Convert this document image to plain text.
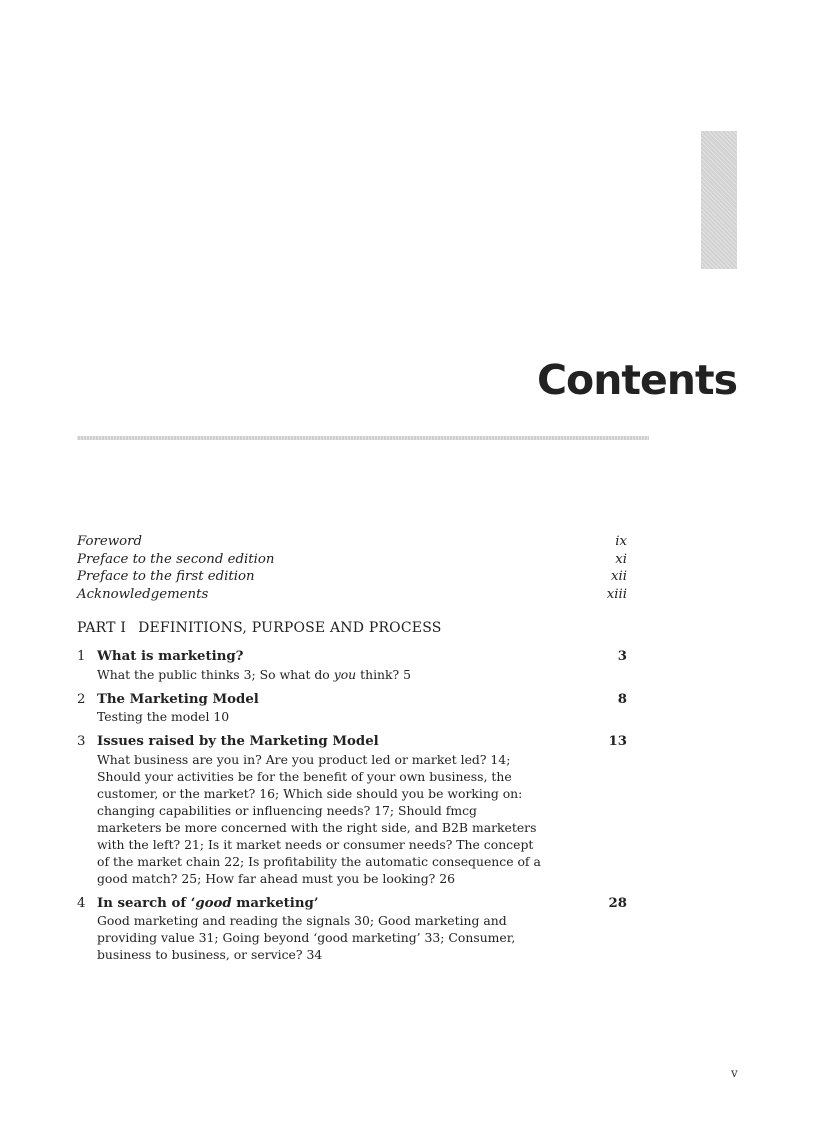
Contents
Foreword	ix
Preface to the second edition	xi
Preface to the first edition	xii
Acknowledgements	xiii
PART I DEFINITIONS, PURPOSE AND PROCESS
1 What is marketing?	3
What the public thinks 3; So what do you think? 5
2 The Marketing Model	8
Testing the model 10
3 Issues raised by the Marketing Model	13
What business are you in? Are you product led or market led? 14; Should your activities be for the benefit of your own business, the customer, or the market? 16; Which side should you be working on: changing capabilities or influencing needs? 17; Should fmcg marketers be more concerned with the right side, and B2B marketers with the left? 21; Is it market needs or consumer needs? The concept of the market chain 22; Is profitability the automatic consequence of a good match? 25; How far ahead must you be looking? 26
4 In search of ‘good marketing’	28
Good marketing and reading the signals 30; Good marketing and providing value 31; Going beyond ‘good marketing’ 33; Consumer, business to business, or service? 34
v
